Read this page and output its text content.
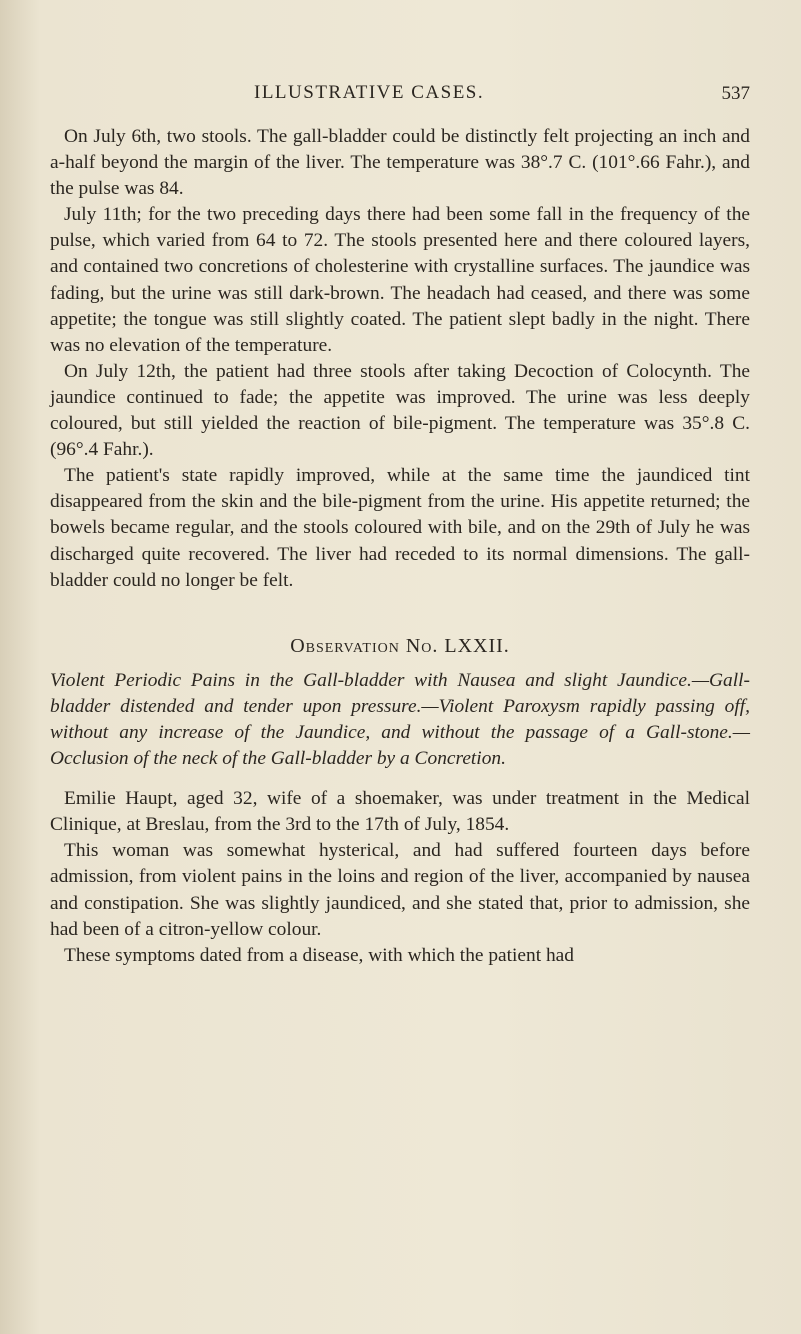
ILLUSTRATIVE CASES.	537

On July 6th, two stools. The gall-bladder could be distinctly felt projecting an inch and a-half beyond the margin of the liver. The temperature was 38°.7 C. (101°.66 Fahr.), and the pulse was 84.

July 11th; for the two preceding days there had been some fall in the frequency of the pulse, which varied from 64 to 72. The stools presented here and there coloured layers, and contained two concretions of cholesterine with crystalline surfaces. The jaundice was fading, but the urine was still dark-brown. The headach had ceased, and there was some appetite; the tongue was still slightly coated. The patient slept badly in the night. There was no elevation of the temperature.

On July 12th, the patient had three stools after taking Decoction of Colocynth. The jaundice continued to fade; the appetite was improved. The urine was less deeply coloured, but still yielded the reaction of bile-pigment. The temperature was 35°.8 C. (96°.4 Fahr.).

The patient's state rapidly improved, while at the same time the jaundiced tint disappeared from the skin and the bile-pigment from the urine. His appetite returned; the bowels became regular, and the stools coloured with bile, and on the 29th of July he was discharged quite recovered. The liver had receded to its normal dimensions. The gall-bladder could no longer be felt.

Observation No. LXXII.

Violent Periodic Pains in the Gall-bladder with Nausea and slight Jaundice.—Gall-bladder distended and tender upon pressure.—Violent Paroxysm rapidly passing off, without any increase of the Jaundice, and without the passage of a Gall-stone.—Occlusion of the neck of the Gall-bladder by a Concretion.

Emilie Haupt, aged 32, wife of a shoemaker, was under treatment in the Medical Clinique, at Breslau, from the 3rd to the 17th of July, 1854.

This woman was somewhat hysterical, and had suffered fourteen days before admission, from violent pains in the loins and region of the liver, accompanied by nausea and constipation. She was slightly jaundiced, and she stated that, prior to admission, she had been of a citron-yellow colour.

These symptoms dated from a disease, with which the patient had
